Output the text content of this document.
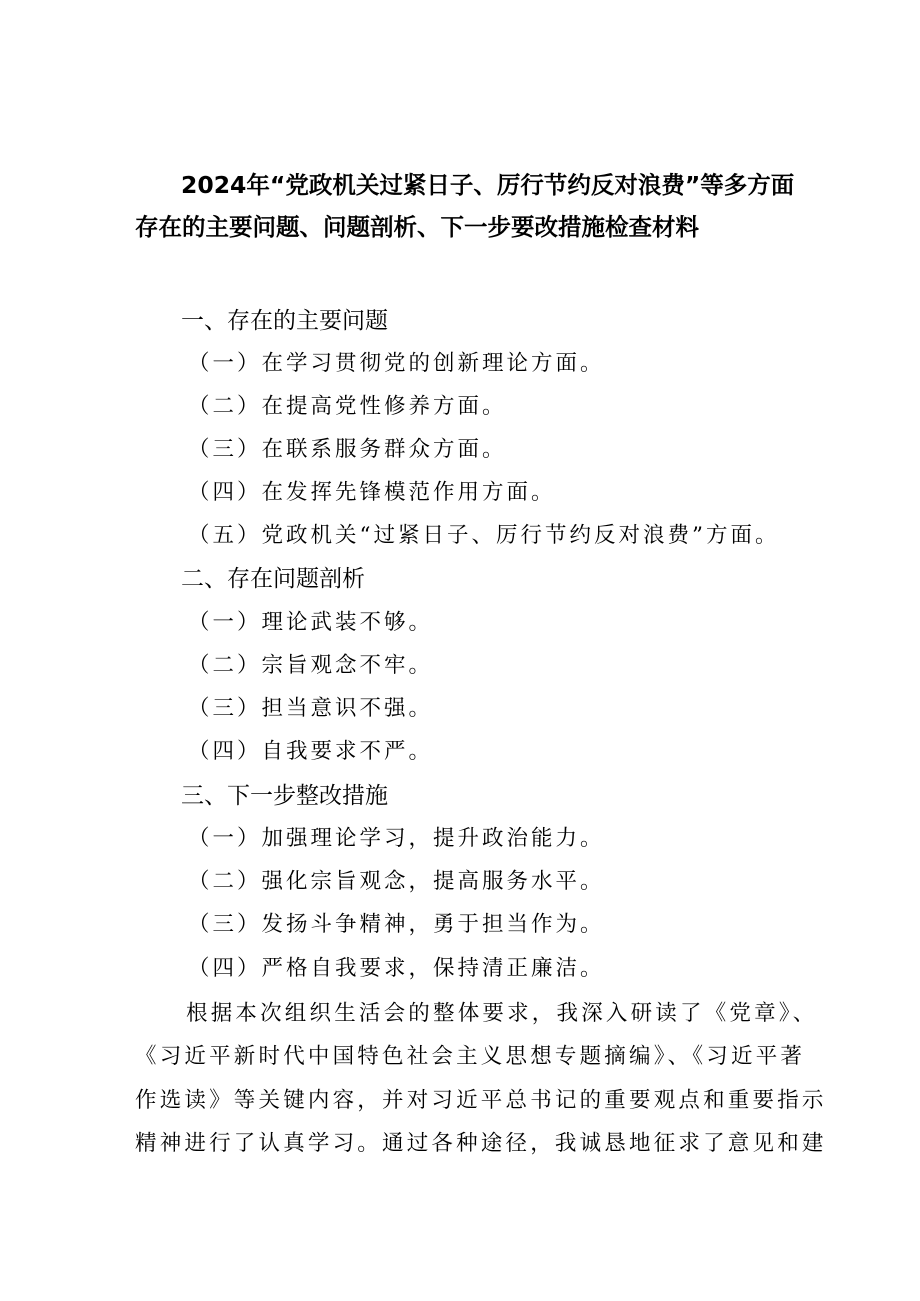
2024年“党政机关过紧日子、厉行节约反对浪费”等多方面
存在的主要问题、问题剖析、下一步要改措施检查材料
一、存在的主要问题
（一）在学习贯彻党的创新理论方面。
（二）在提高党性修养方面。
（三）在联系服务群众方面。
（四）在发挥先锋模范作用方面。
（五）党政机关“过紧日子、厉行节约反对浪费”方面。
二、存在问题剖析
（一）理论武装不够。
（二）宗旨观念不牢。
（三）担当意识不强。
（四）自我要求不严。
三、下一步整改措施
（一）加强理论学习，提升政治能力。
（二）强化宗旨观念，提高服务水平。
（三）发扬斗争精神，勇于担当作为。
（四）严格自我要求，保持清正廉洁。
根据本次组织生活会的整体要求，我深入研读了《党章》、
《习近平新时代中国特色社会主义思想专题摘编》、《习近平著
作选读》等关键内容，并对习近平总书记的重要观点和重要指示
精神进行了认真学习。通过各种途径，我诚恳地征求了意见和建
